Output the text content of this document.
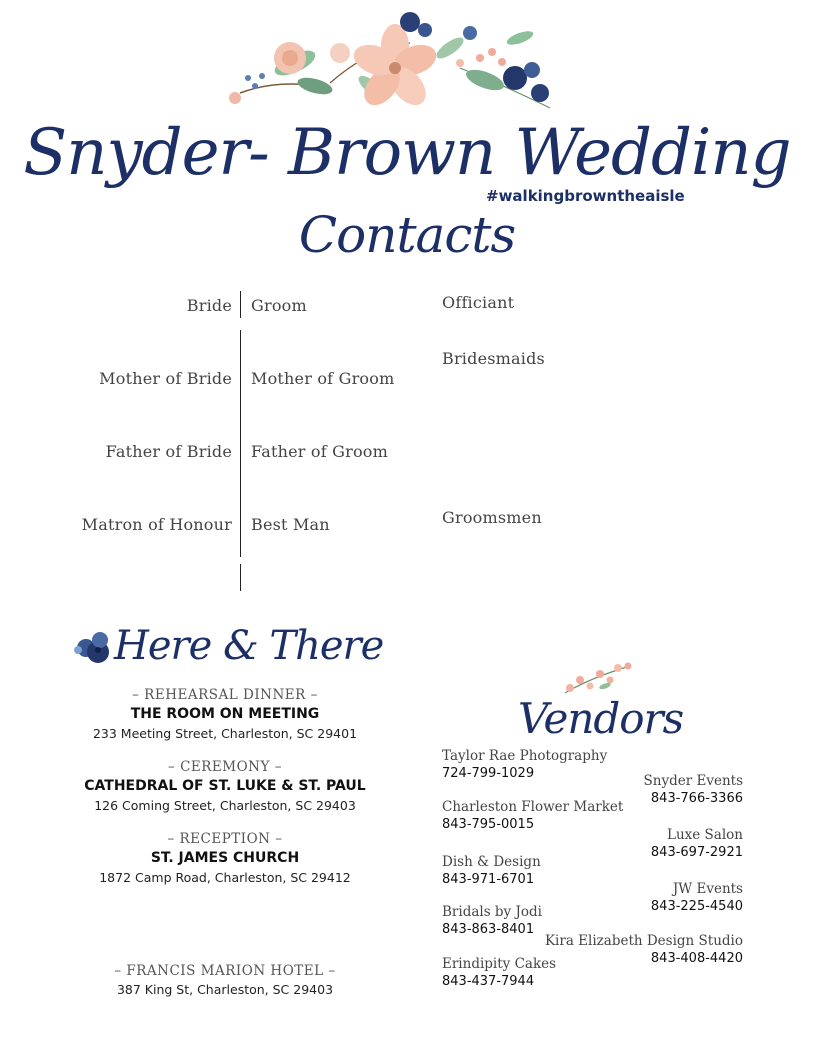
Snyder- Brown Wedding
#walkingbrowntheaisle
Contacts
Bride Groom	Officiant
Mother of Bride Mother of Groom
Bridesmaids
Father of Bride Father of Groom
Matron of Honour Best Man	Groomsmen
Here & There
– REHEARSAL DINNER –
THE ROOM ON MEETING
233 Meeting Street, Charleston, SC 29401
– CEREMONY –
CATHEDRAL OF ST. LUKE & ST. PAUL
126 Coming Street, Charleston, SC 29403
– RECEPTION –
ST. JAMES CHURCH
1872 Camp Road, Charleston, SC 29412
– FRANCIS MARION HOTEL –
387 King St, Charleston, SC 29403
Vendors
Taylor Rae Photography
724-799-1029
Charleston Flower Market
843-795-0015
Dish & Design
843-971-6701
Bridals by Jodi
843-863-8401
Erindipity Cakes
843-437-7944
Snyder Events
843-766-3366
Luxe Salon
843-697-2921
JW Events
843-225-4540
Kira Elizabeth Design Studio
843-408-4420
